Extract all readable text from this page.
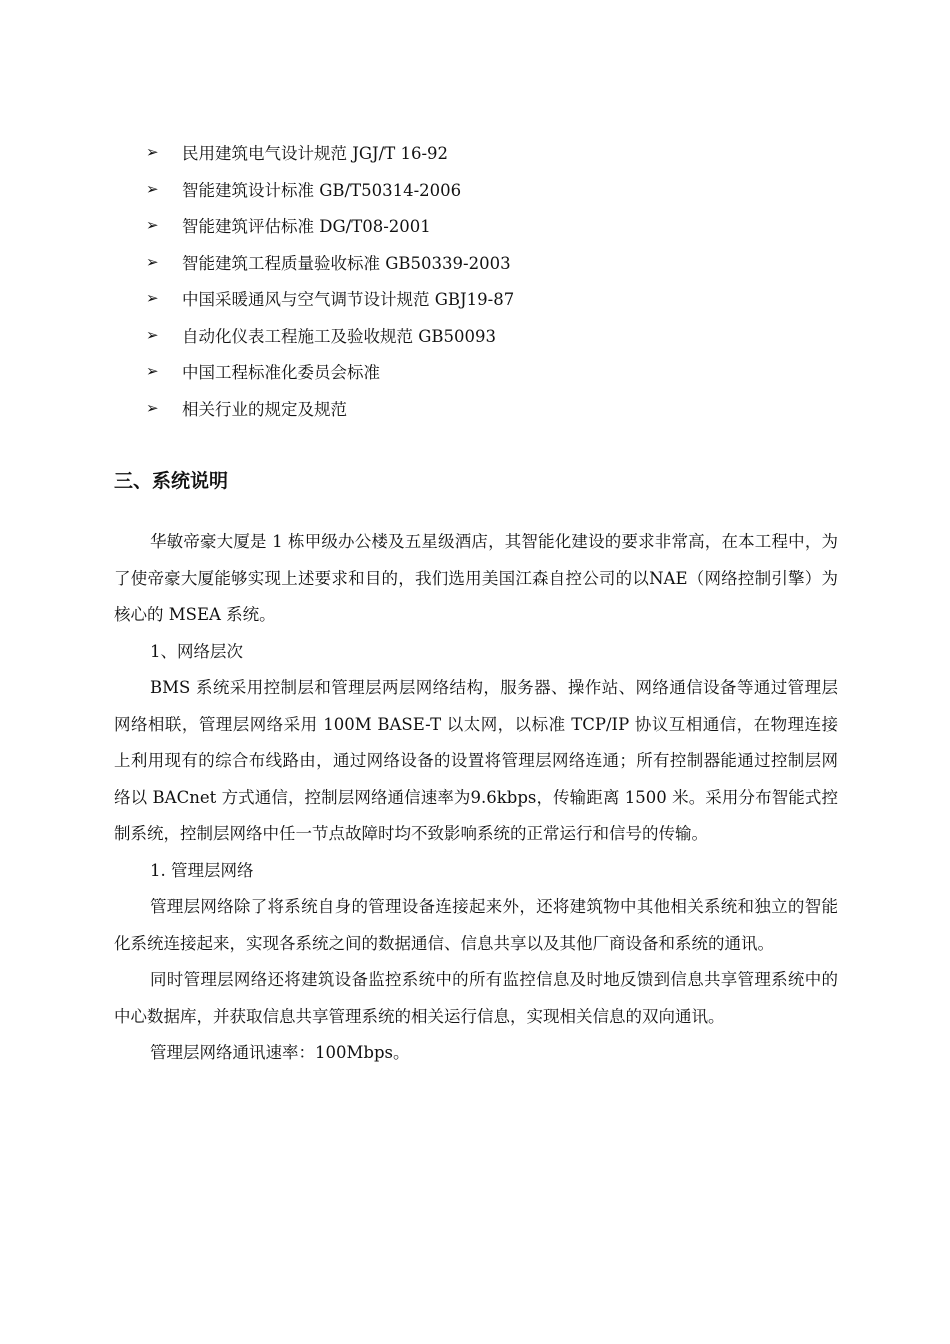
➢	民用建筑电气设计规范 JGJ/T 16-92
➢	智能建筑设计标准 GB/T50314-2006
➢	智能建筑评估标准 DG/T08-2001
➢	智能建筑工程质量验收标准 GB50339-2003
➢	中国采暖通风与空气调节设计规范 GBJ19-87
➢	自动化仪表工程施工及验收规范 GB50093
➢	中国工程标准化委员会标准
➢	相关行业的规定及规范
三、系统说明

华敏帝豪大厦是 1 栋甲级办公楼及五星级酒店，其智能化建设的要求非常高，在本工程中，为了使帝豪大厦能够实现上述要求和目的，我们选用美国江森自控公司的以NAE（网络控制引擎）为核心的 MSEA 系统。

1、网络层次

BMS 系统采用控制层和管理层两层网络结构，服务器、操作站、网络通信设备等通过管理层网络相联，管理层网络采用 100M BASE-T 以太网，以标准 TCP/IP 协议互相通信，在物理连接上利用现有的综合布线路由，通过网络设备的设置将管理层网络连通；所有控制器能通过控制层网络以 BACnet 方式通信，控制层网络通信速率为9.6kbps，传输距离 1500 米。采用分布智能式控制系统，控制层网络中任一节点故障时均不致影响系统的正常运行和信号的传输。

1. 管理层网络

管理层网络除了将系统自身的管理设备连接起来外，还将建筑物中其他相关系统和独立的智能化系统连接起来，实现各系统之间的数据通信、信息共享以及其他厂商设备和系统的通讯。

同时管理层网络还将建筑设备监控系统中的所有监控信息及时地反馈到信息共享管理系统中的中心数据库，并获取信息共享管理系统的相关运行信息，实现相关信息的双向通讯。

管理层网络通讯速率：100Mbps。
